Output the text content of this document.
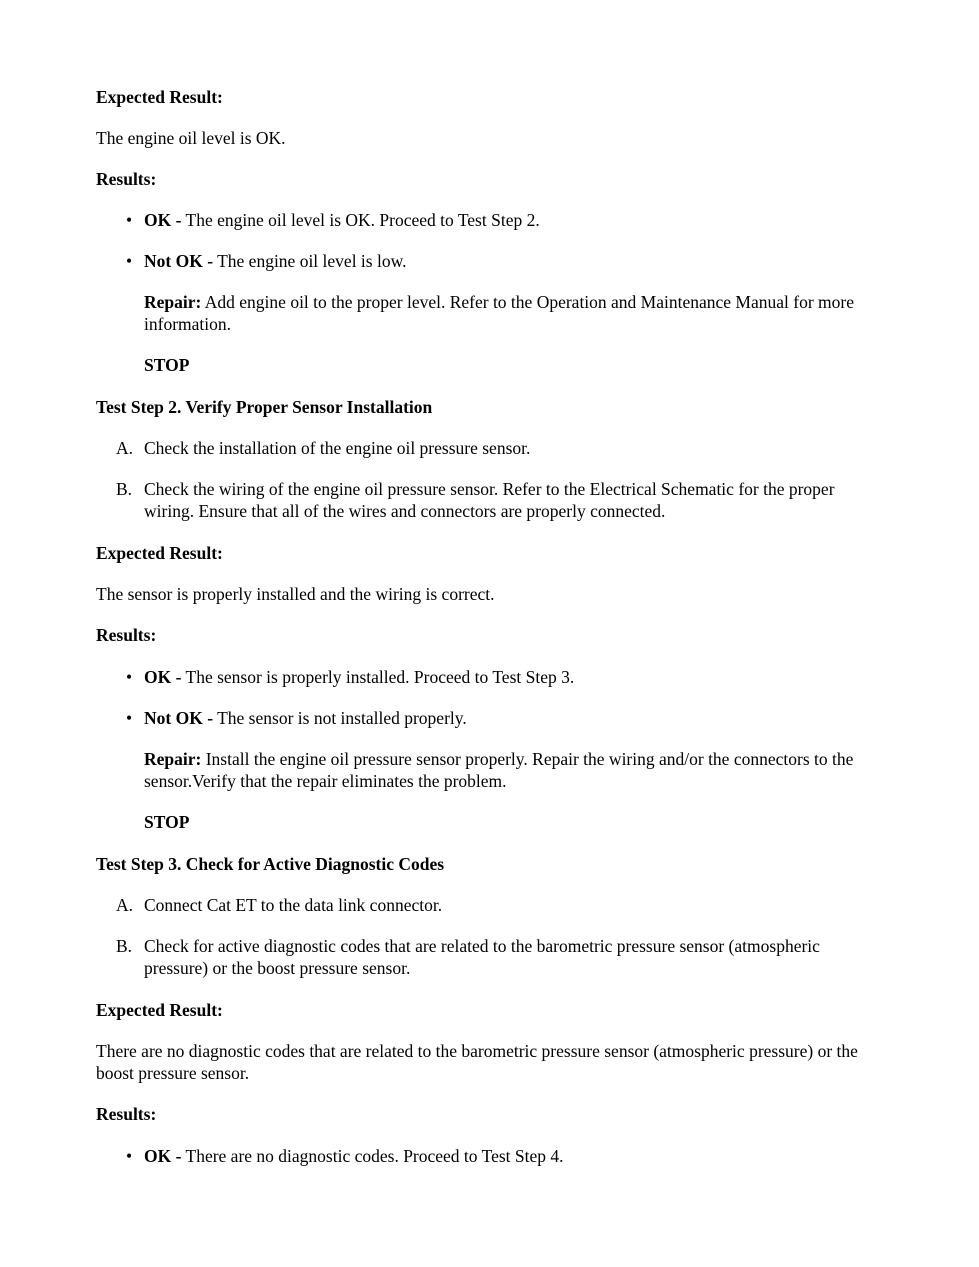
Expected Result:
The engine oil level is OK.
Results:
• OK - The engine oil level is OK. Proceed to Test Step 2.
• Not OK - The engine oil level is low.
Repair: Add engine oil to the proper level. Refer to the Operation and Maintenance Manual for more information.
STOP
Test Step 2. Verify Proper Sensor Installation
A. Check the installation of the engine oil pressure sensor.
B. Check the wiring of the engine oil pressure sensor. Refer to the Electrical Schematic for the proper wiring. Ensure that all of the wires and connectors are properly connected.
Expected Result:
The sensor is properly installed and the wiring is correct.
Results:
• OK - The sensor is properly installed. Proceed to Test Step 3.
• Not OK - The sensor is not installed properly.
Repair: Install the engine oil pressure sensor properly. Repair the wiring and/or the connectors to the sensor.Verify that the repair eliminates the problem.
STOP
Test Step 3. Check for Active Diagnostic Codes
A. Connect Cat ET to the data link connector.
B. Check for active diagnostic codes that are related to the barometric pressure sensor (atmospheric pressure) or the boost pressure sensor.
Expected Result:
There are no diagnostic codes that are related to the barometric pressure sensor (atmospheric pressure) or the boost pressure sensor.
Results:
• OK - There are no diagnostic codes. Proceed to Test Step 4.
